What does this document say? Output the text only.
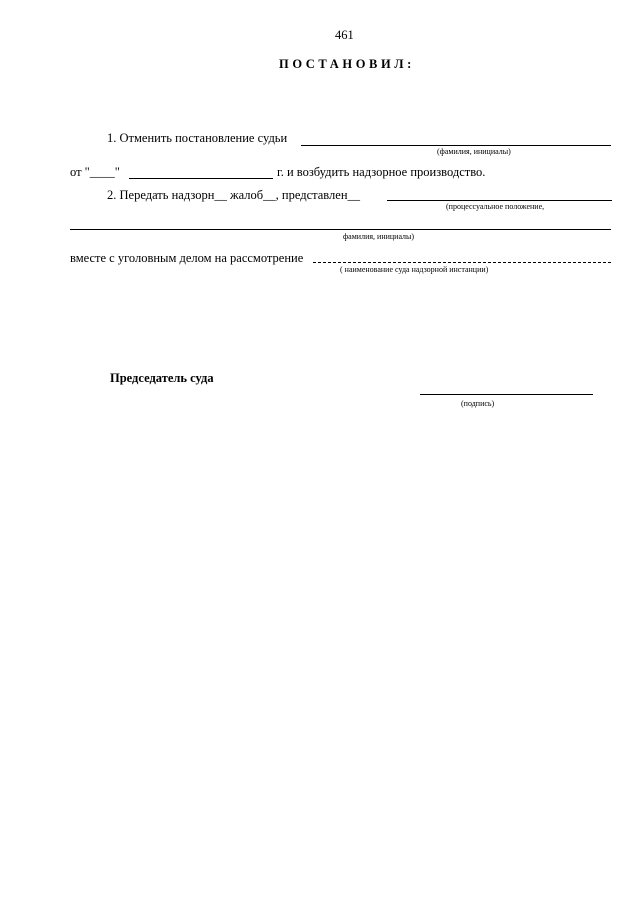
461
ПОСТАНОВИЛ:
1. Отменить постановление судьи
(фамилия, инициалы)
от "____"	г. и возбудить надзорное производство.
2. Передать надзорн__ жалоб__, представлен__
(процессуальное положение,
фамилия, инициалы)
вместе с уголовным делом на рассмотрение
( наименование суда надзорной инстанции)
Председатель суда
(подпись)
